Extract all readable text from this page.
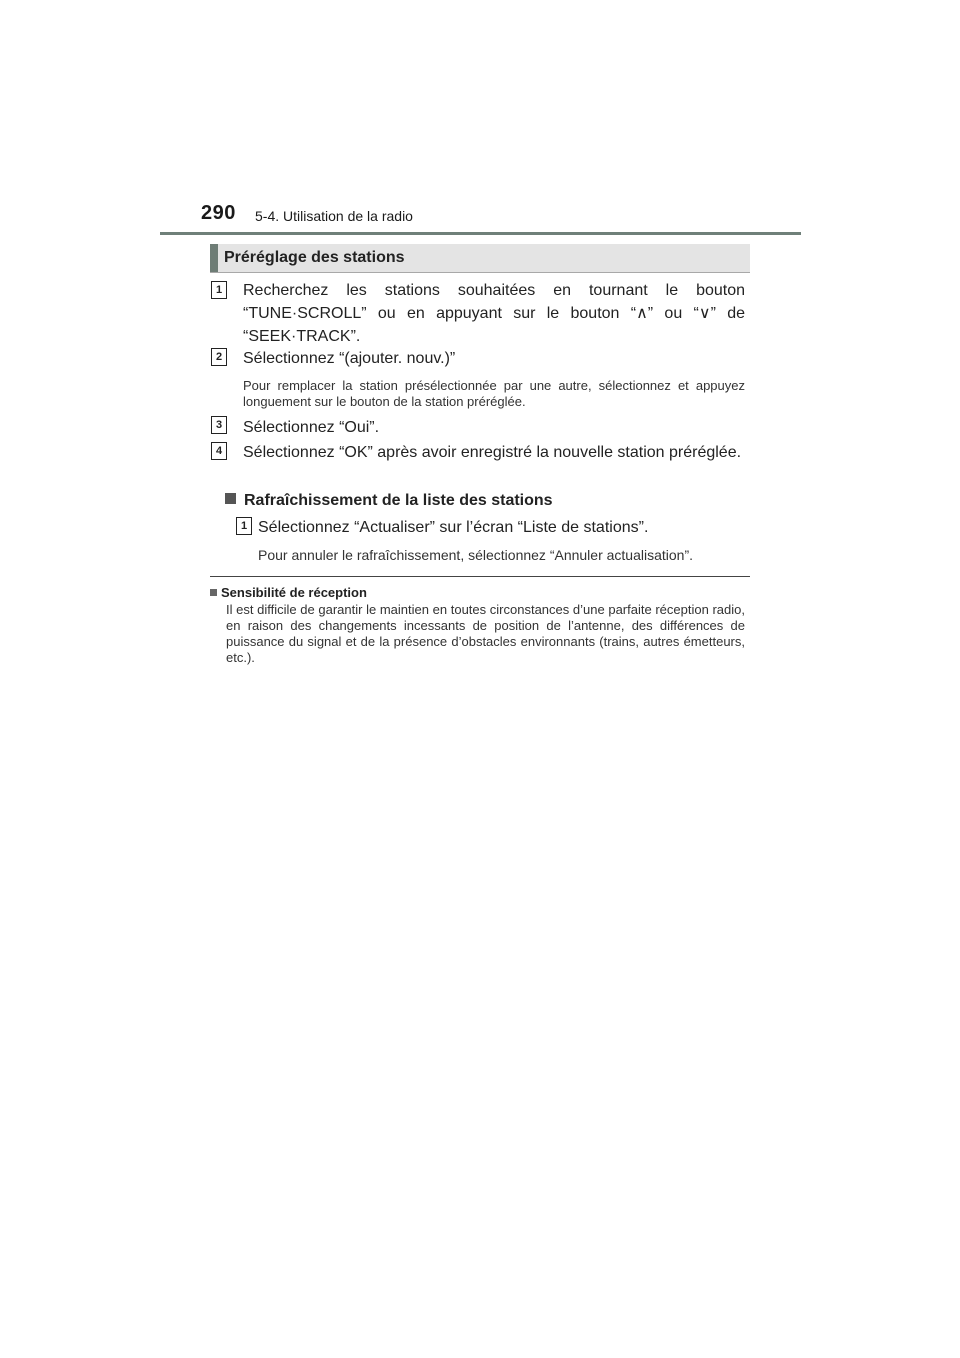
290 5-4. Utilisation de la radio
Préréglage des stations
1	Recherchez les stations souhaitées en tournant le bouton “TUNE·SCROLL” ou en appuyant sur le bouton “∧” ou “∨” de “SEEK·TRACK”.
2	Sélectionnez “(ajouter. nouv.)”
Pour remplacer la station présélectionnée par une autre, sélectionnez et appuyez longuement sur le bouton de la station préréglée.
3	Sélectionnez “Oui”.
4	Sélectionnez “OK” après avoir enregistré la nouvelle station préréglée.
Rafraîchissement de la liste des stations
1 Sélectionnez “Actualiser” sur l’écran “Liste de stations”.
Pour annuler le rafraîchissement, sélectionnez “Annuler actualisation”.
Sensibilité de réception
Il est difficile de garantir le maintien en toutes circonstances d’une parfaite réception radio, en raison des changements incessants de position de l’antenne, des différences de puissance du signal et de la présence d’obstacles environnants (trains, autres émetteurs, etc.).
